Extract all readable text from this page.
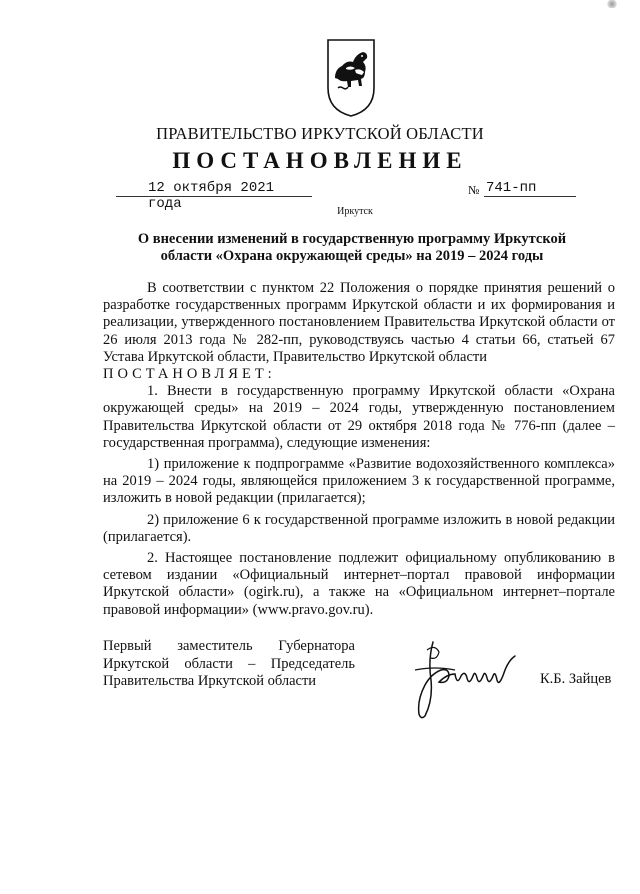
ПРАВИТЕЛЬСТВО ИРКУТСКОЙ ОБЛАСТИ
ПОСТАНОВЛЕНИЕ
12 октября 2021 года
№ 741-пп
Иркутск
О внесении изменений в государственную программу Иркутской
области «Охрана окружающей среды» на 2019 – 2024 годы

В соответствии с пунктом 22 Положения о порядке принятия решений о разработке государственных программ Иркутской области и их формирования и реализации, утвержденного постановлением Правительства Иркутской области от 26 июля 2013 года № 282-пп, руководствуясь частью 4 статьи 66, статьей 67 Устава Иркутской области, Правительство Иркутской области

ПОСТАНОВЛЯЕТ:

1. Внести в государственную программу Иркутской области «Охрана окружающей среды» на 2019 – 2024 годы, утвержденную постановлением Правительства Иркутской области от 29 октября 2018 года № 776-пп (далее – государственная программа), следующие изменения:

1) приложение к подпрограмме «Развитие водохозяйственного комплекса» на 2019 – 2024 годы, являющейся приложением 3 к государственной программе, изложить в новой редакции (прилагается);

2) приложение 6 к государственной программе изложить в новой редакции (прилагается).

2. Настоящее постановление подлежит официальному опубликованию в сетевом издании «Официальный интернет–портал правовой информации Иркутской области» (ogirk.ru), а также на «Официальном интернет–портале правовой информации» (www.pravo.gov.ru).

Первый заместитель Губернатора
Иркутской области – Председатель
Правительства Иркутской области	К.Б. Зайцев
